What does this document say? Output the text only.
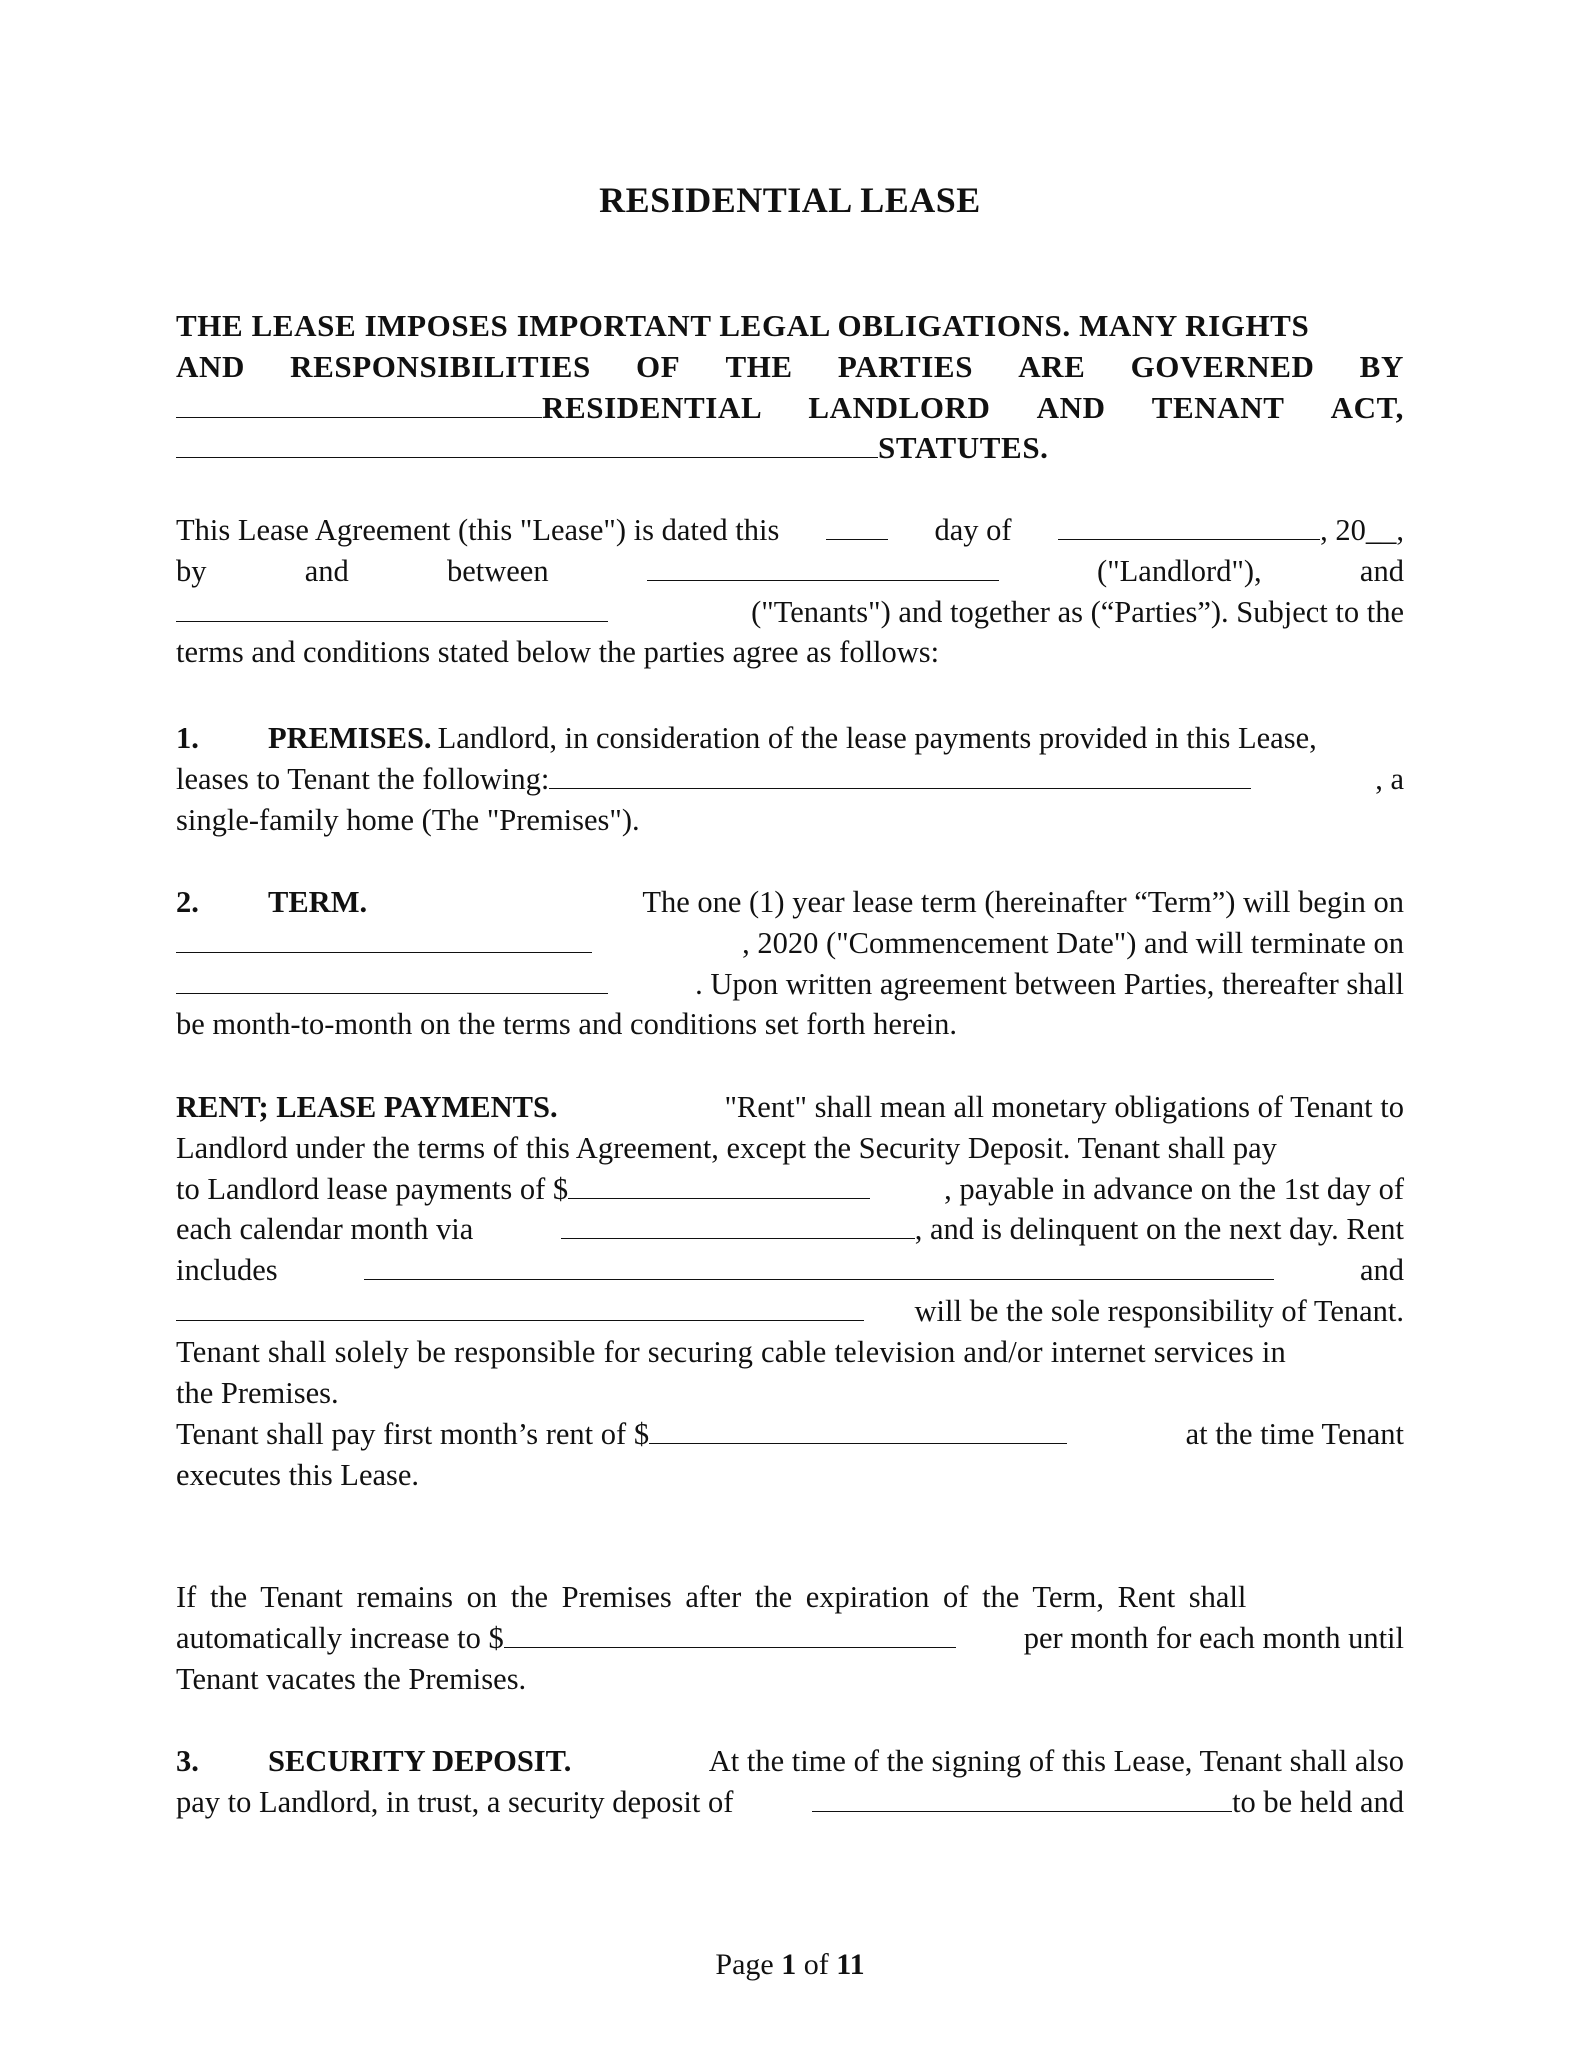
RESIDENTIAL LEASE
THE LEASE IMPOSES IMPORTANT LEGAL OBLIGATIONS. MANY RIGHTS
AND RESPONSIBILITIES OF THE PARTIES ARE GOVERNED BY
RESIDENTIAL LANDLORD AND TENANT ACT,
STATUTES.
This Lease Agreement (this "Lease") is dated this	day of	, 20__,
by	and	between	("Landlord"),	and
("Tenants") and together as (“Parties”). Subject to the
terms and conditions stated below the parties agree as follows:
1.	PREMISES. Landlord, in consideration of the lease payments provided in this Lease,
leases to Tenant the following:	, a
single-family home (The "Premises").
2. TERM.	The one (1) year lease term (hereinafter “Term”) will begin on
, 2020 ("Commencement Date") and will terminate on
. Upon written agreement between Parties, thereafter shall
be month-to-month on the terms and conditions set forth herein.
RENT; LEASE PAYMENTS.	"Rent" shall mean all monetary obligations of Tenant to
Landlord under the terms of this Agreement, except the Security Deposit. Tenant shall pay
to Landlord lease payments of $	, payable in advance on the 1st day of
each calendar month via	, and is delinquent on the next day. Rent
includes	and
will be the sole responsibility of Tenant.
Tenant shall solely be responsible for securing cable television and/or internet services in
the Premises.
Tenant shall pay first month’s rent of $	at the time Tenant
executes this Lease.
If the Tenant remains on the Premises after the expiration of the Term, Rent shall
automatically increase to $	per month for each month until
Tenant vacates the Premises.
3. SECURITY DEPOSIT.	At the time of the signing of this Lease, Tenant shall also
pay to Landlord, in trust, a security deposit of	to be held and
Page 1 of 11
